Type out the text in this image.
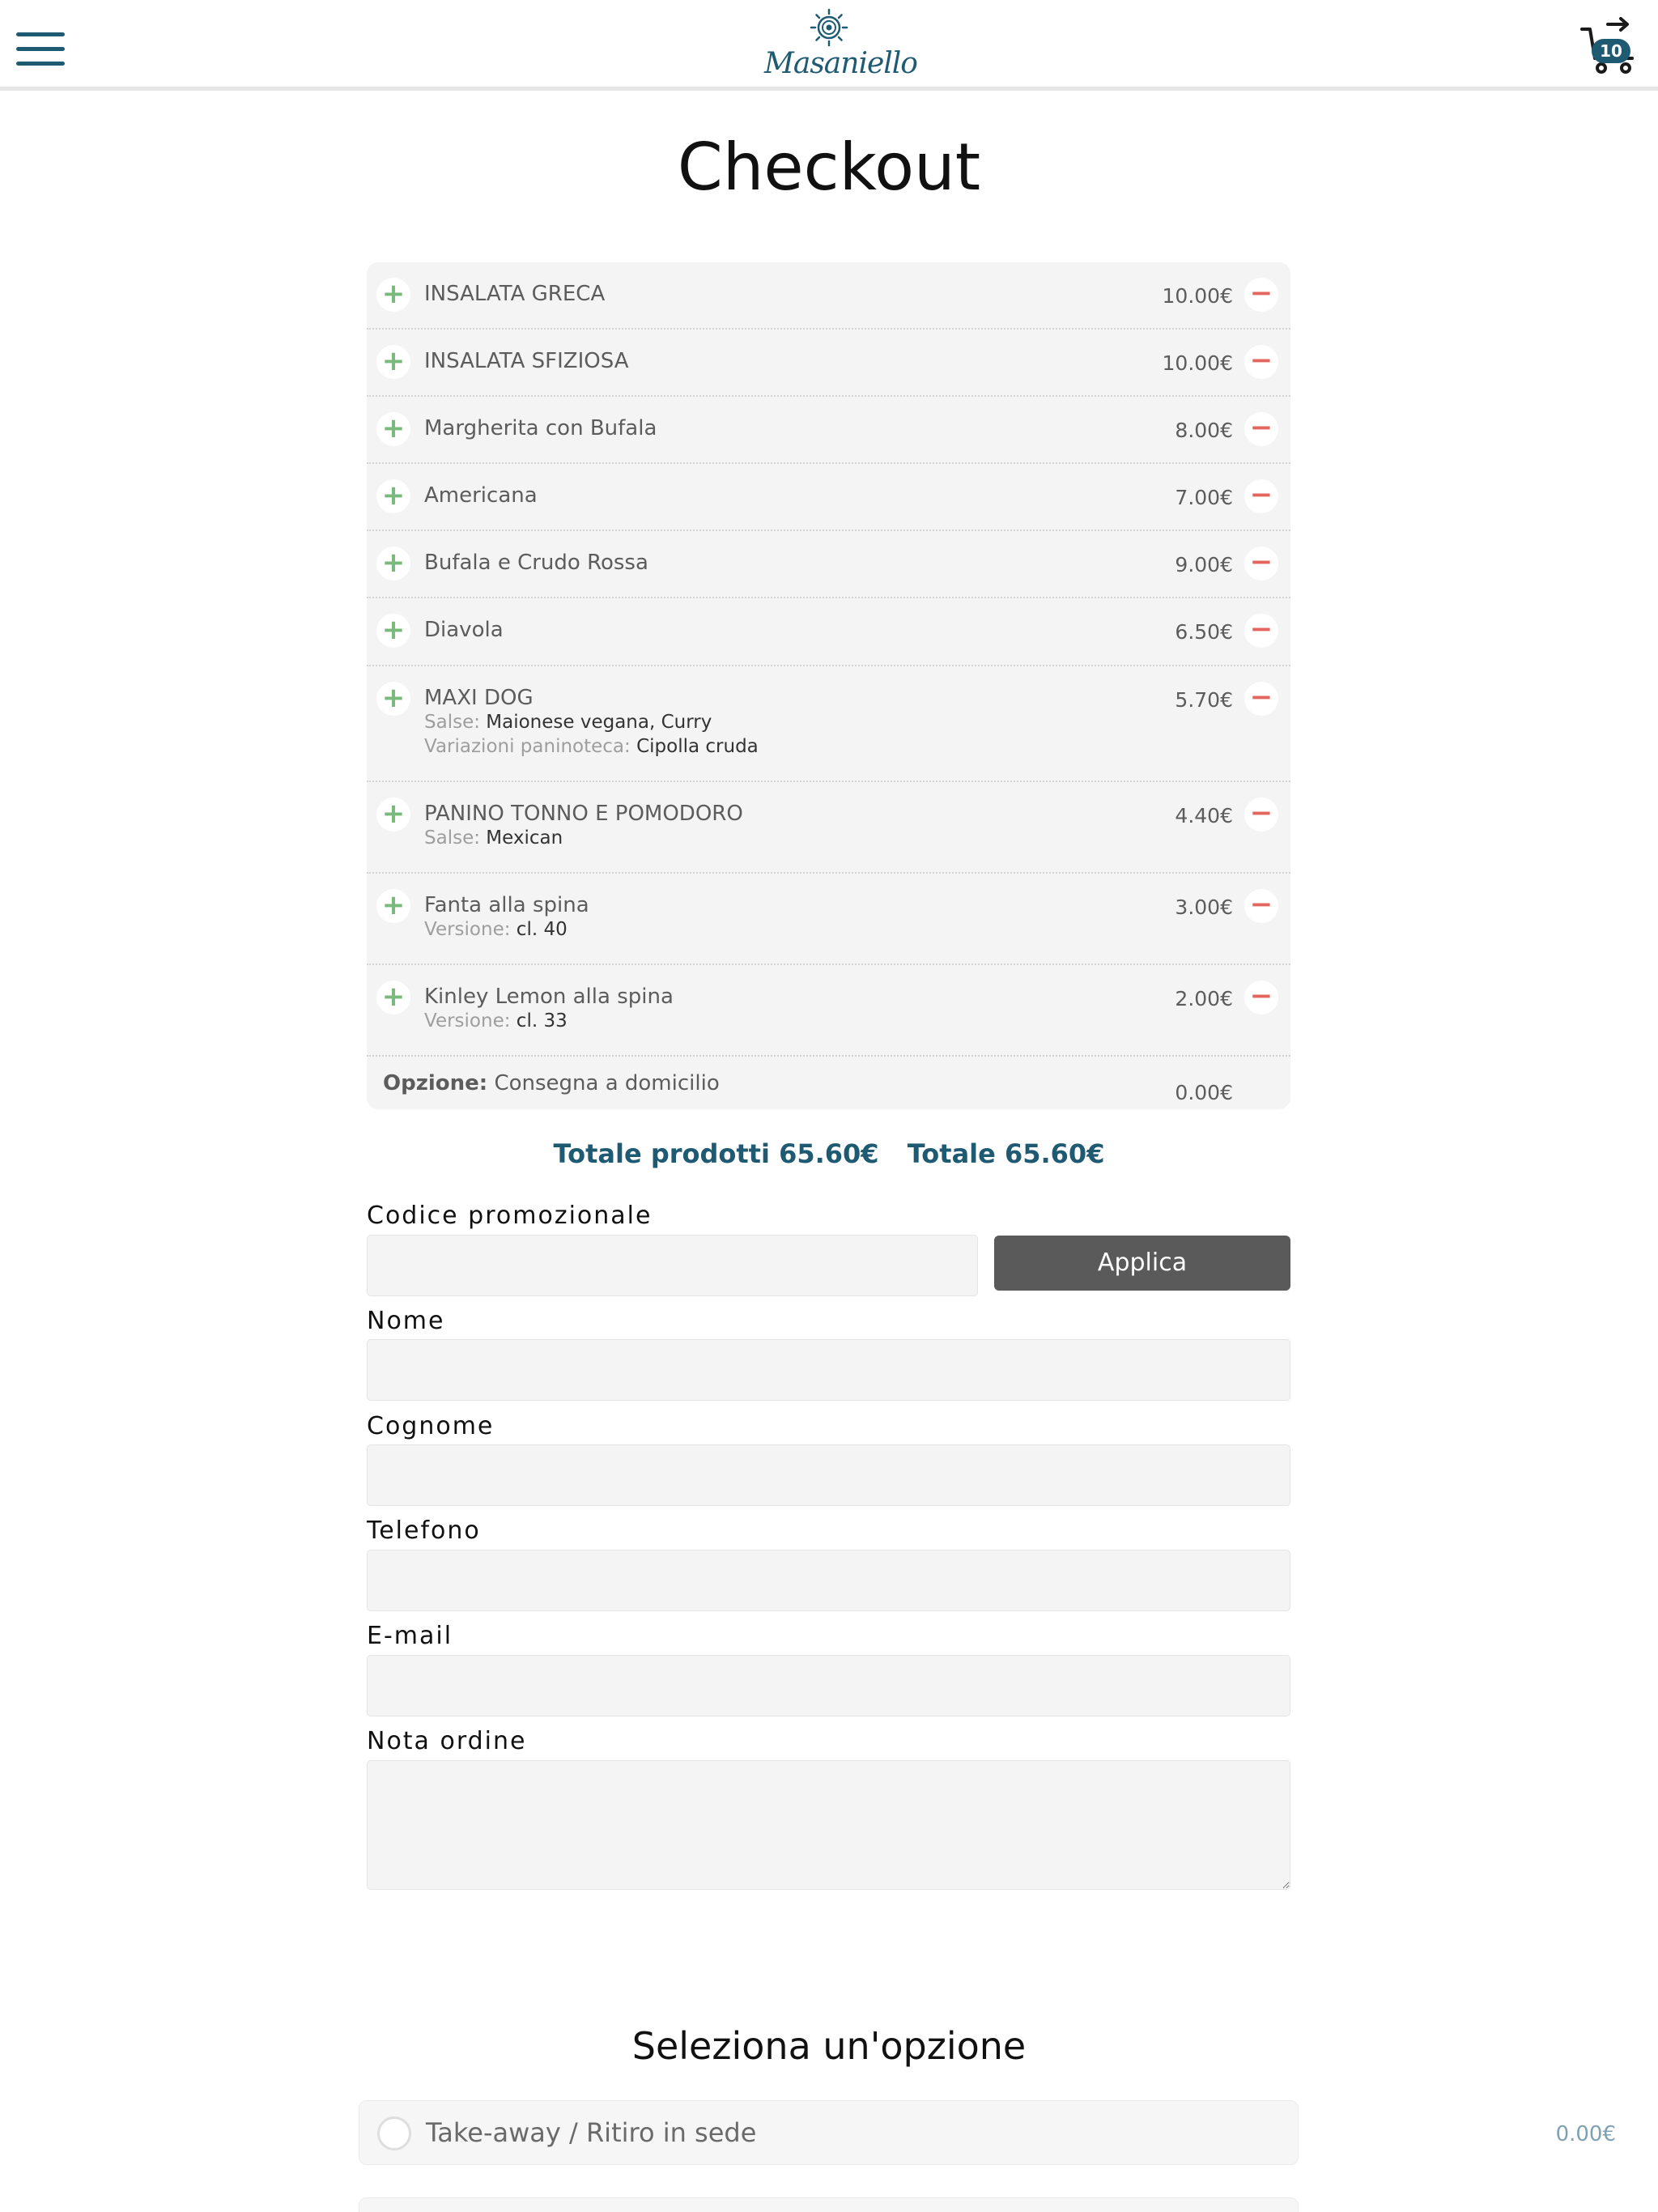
Masaniello	10
Checkout
+ INSALATA GRECA	10.00€ −
+ INSALATA SFIZIOSA	10.00€ −
+ Margherita con Bufala	8.00€ −
+ Americana	7.00€ −
+ Bufala e Crudo Rossa	9.00€ −
+ Diavola	6.50€ −
+ MAXI DOG
Salse: Maionese vegana, Curry
Variazioni paninoteca: Cipolla cruda
5.70€ −
+ PANINO TONNO E POMODORO
Salse: Mexican
4.40€ −
+ Fanta alla spina
Versione: cl. 40
3.00€ −
+ Kinley Lemon alla spina
Versione: cl. 33
2.00€ −
Opzione: Consegna a domicilio	0.00€
Totale prodotti 65.60€ Totale 65.60€
Codice promozionale
Applica
Nome
Cognome
Telefono
E-mail
Nota ordine
Seleziona un'opzione
Take-away / Ritiro in sede	0.00€
